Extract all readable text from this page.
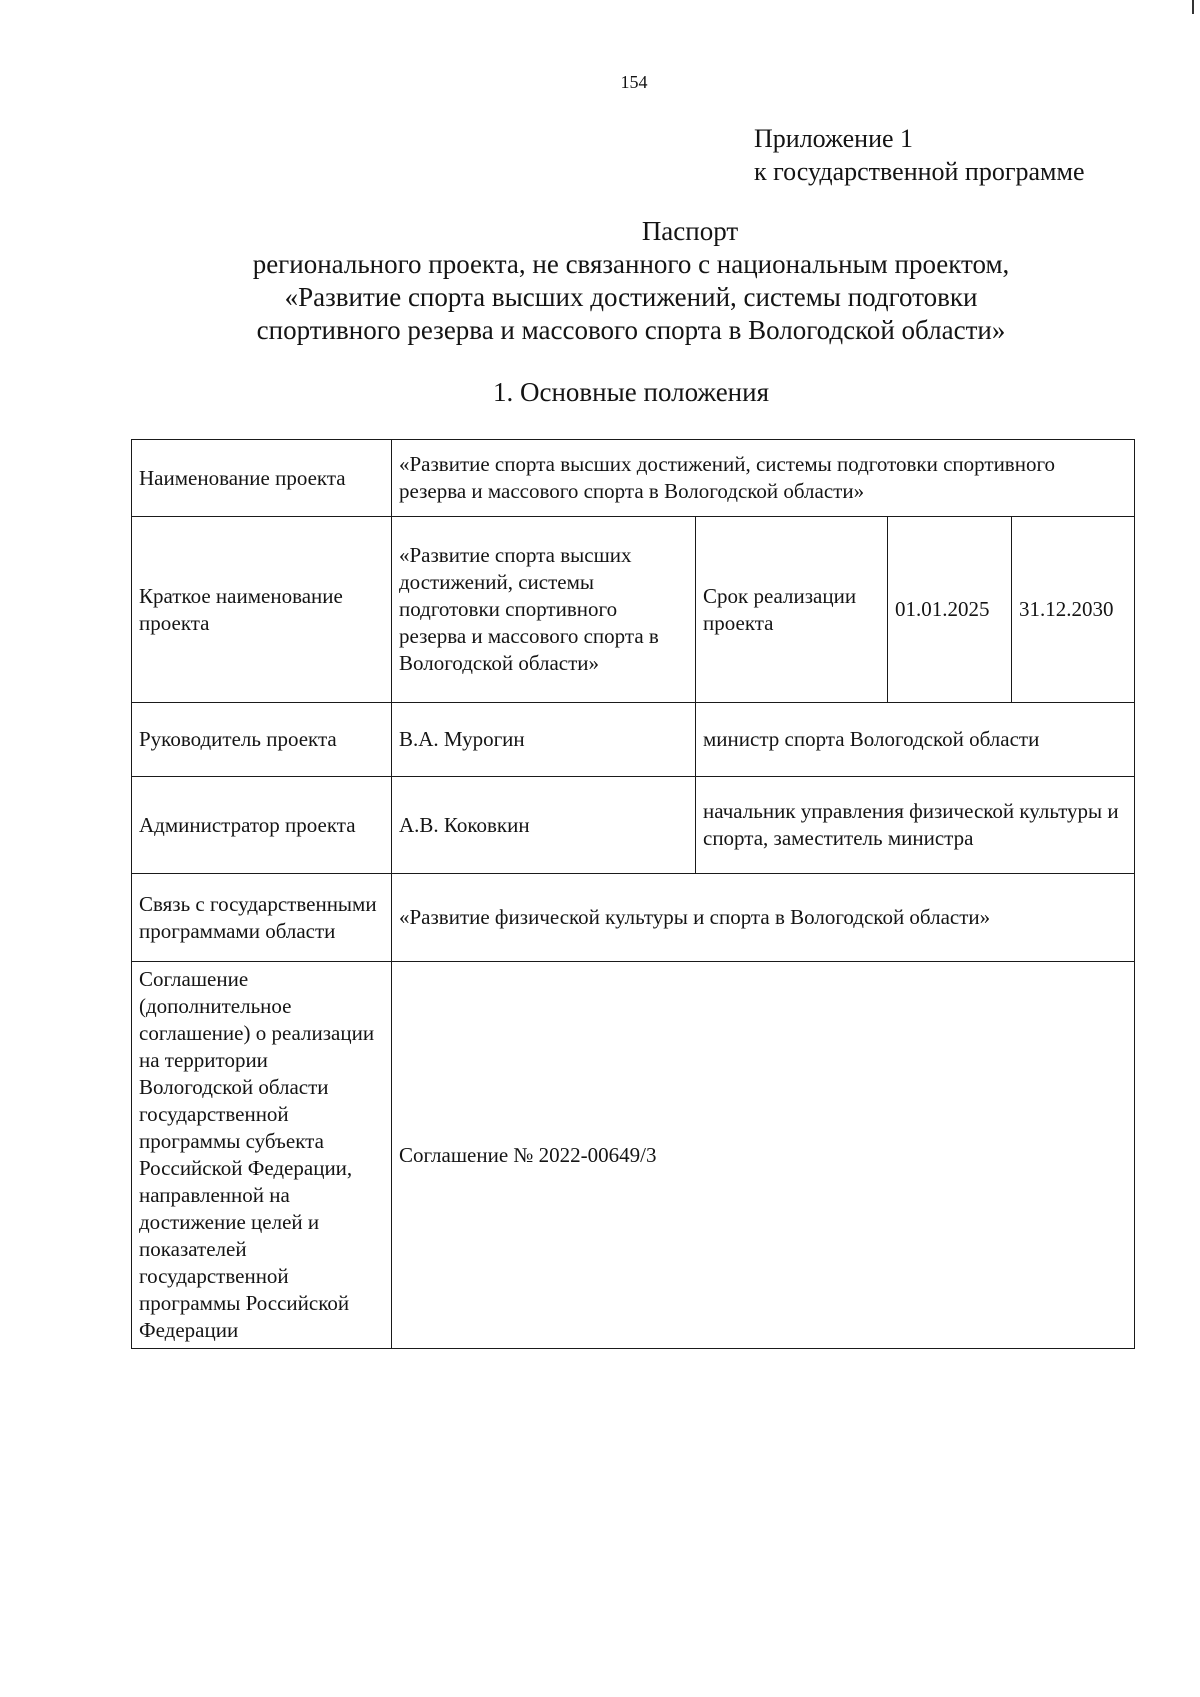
154
Приложение 1
к государственной программе
Паспорт
регионального проекта, не связанного с национальным проектом,
«Развитие спорта высших достижений, системы подготовки
спортивного резерва и массового спорта в Вологодской области»
1. Основные положения
Наименование проекта	«Развитие спорта высших достижений, системы подготовки спортивного резерва и массового спорта в Вологодской области»			
Краткое наименование проекта	«Развитие спорта высших достижений, системы подготовки спортивного резерва и массового спорта в Вологодской области»	Срок реализации проекта	01.01.2025	31.12.2030
Руководитель проекта	В.А. Мурогин	министр спорта Вологодской области		
Администратор проекта	А.В. Коковкин	начальник управления физической культуры и спорта, заместитель министра		
Связь с государственными программами области	«Развитие физической культуры и спорта в Вологодской области»			
Соглашение (дополнительное соглашение) о реализации на территории Вологодской области государственной программы субъекта Российской Федерации, направленной на достижение целей и показателей государственной программы Российской Федерации	Соглашение № 2022-00649/3			
